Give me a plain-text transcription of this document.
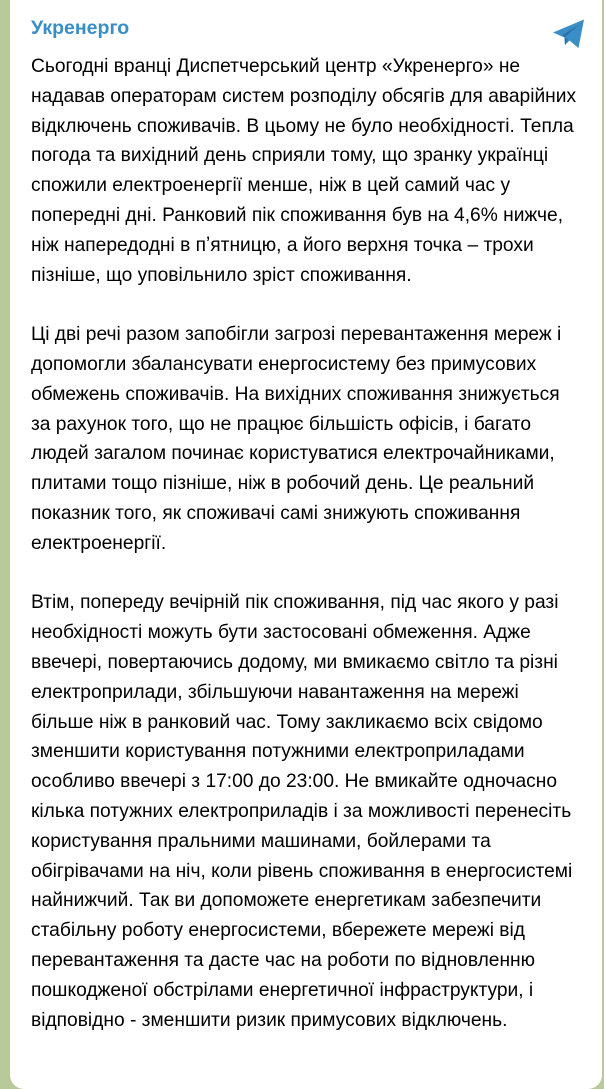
Укренерго

Сьогодні вранці Диспетчерський центр «Укренерго» не надавав операторам систем розподілу обсягів для аварійних відключень споживачів. В цьому не було необхідності. Тепла погода та вихідний день сприяли тому, що зранку українці спожили електроенергії менше, ніж в цей самий час у попередні дні. Ранковий пік споживання був на 4,6% нижче, ніж напередодні в пʼятницю, а його верхня точка – трохи пізніше, що уповільнило зріст споживання.

Ці дві речі разом запобігли загрозі перевантаження мереж і допомогли збалансувати енергосистему без примусових обмежень споживачів. На вихідних споживання знижується за рахунок того, що не працює більшість офісів, і багато людей загалом починає користуватися електрочайниками, плитами тощо пізніше, ніж в робочий день. Це реальний показник того, як споживачі самі знижують споживання електроенергії.

Втім, попереду вечірній пік споживання, під час якого у разі необхідності можуть бути застосовані обмеження. Адже ввечері, повертаючись додому, ми вмикаємо світло та різні електроприлади, збільшуючи навантаження на мережі більше ніж в ранковий час. Тому закликаємо всіх свідомо зменшити користування потужними електроприладами особливо ввечері з 17:00 до 23:00. Не вмикайте одночасно кілька потужних електроприладів і за можливості перенесіть користування пральними машинами, бойлерами та обігрівачами на ніч, коли рівень споживання в енергосистемі найнижчий. Так ви допоможете енергетикам забезпечити стабільну роботу енергосистеми, вбережете мережі від перевантаження та дасте час на роботи по відновленню пошкодженої обстрілами енергетичної інфраструктури, і відповідно - зменшити ризик примусових відключень.
